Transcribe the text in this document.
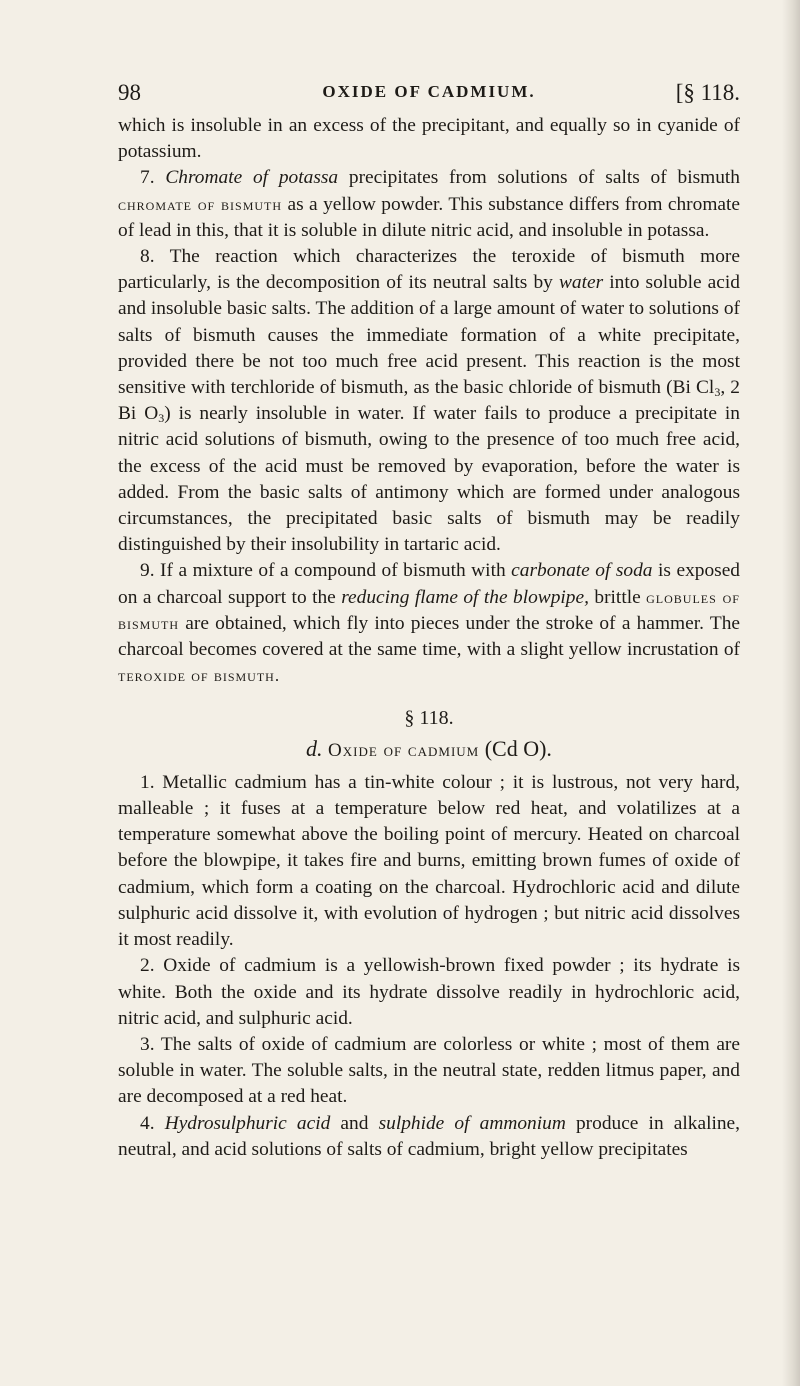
98	OXIDE OF CADMIUM.	[§ 118.

which is insoluble in an excess of the precipitant, and equally so in cyanide of potassium.

7. Chromate of potassa precipitates from solutions of salts of bismuth chromate of bismuth as a yellow powder. This substance differs from chromate of lead in this, that it is soluble in dilute nitric acid, and insoluble in potassa.

8. The reaction which characterizes the teroxide of bismuth more particularly, is the decomposition of its neutral salts by water into soluble acid and insoluble basic salts. The addition of a large amount of water to solutions of salts of bismuth causes the immediate formation of a white precipitate, provided there be not too much free acid present. This reaction is the most sensitive with terchloride of bismuth, as the basic chloride of bismuth (Bi $Cl_3$, 2 Bi $O_3$) is nearly insoluble in water. If water fails to produce a precipitate in nitric acid solutions of bismuth, owing to the presence of too much free acid, the excess of the acid must be removed by evaporation, before the water is added. From the basic salts of antimony which are formed under analogous circumstances, the precipitated basic salts of bismuth may be readily distinguished by their insolubility in tartaric acid.

9. If a mixture of a compound of bismuth with carbonate of soda is exposed on a charcoal support to the reducing flame of the blowpipe, brittle globules of bismuth are obtained, which fly into pieces under the stroke of a hammer. The charcoal becomes covered at the same time, with a slight yellow incrustation of teroxide of bismuth.

§ 118.

d. Oxide of cadmium (Cd O).

1. Metallic cadmium has a tin-white colour ; it is lustrous, not very hard, malleable ; it fuses at a temperature below red heat, and volatilizes at a temperature somewhat above the boiling point of mercury. Heated on charcoal before the blowpipe, it takes fire and burns, emitting brown fumes of oxide of cadmium, which form a coating on the charcoal. Hydrochloric acid and dilute sulphuric acid dissolve it, with evolution of hydrogen ; but nitric acid dissolves it most readily.

2. Oxide of cadmium is a yellowish-brown fixed powder ; its hydrate is white. Both the oxide and its hydrate dissolve readily in hydrochloric acid, nitric acid, and sulphuric acid.

3. The salts of oxide of cadmium are colorless or white ; most of them are soluble in water. The soluble salts, in the neutral state, redden litmus paper, and are decomposed at a red heat.

4. Hydrosulphuric acid and sulphide of ammonium produce in alkaline, neutral, and acid solutions of salts of cadmium, bright yellow precipitates
